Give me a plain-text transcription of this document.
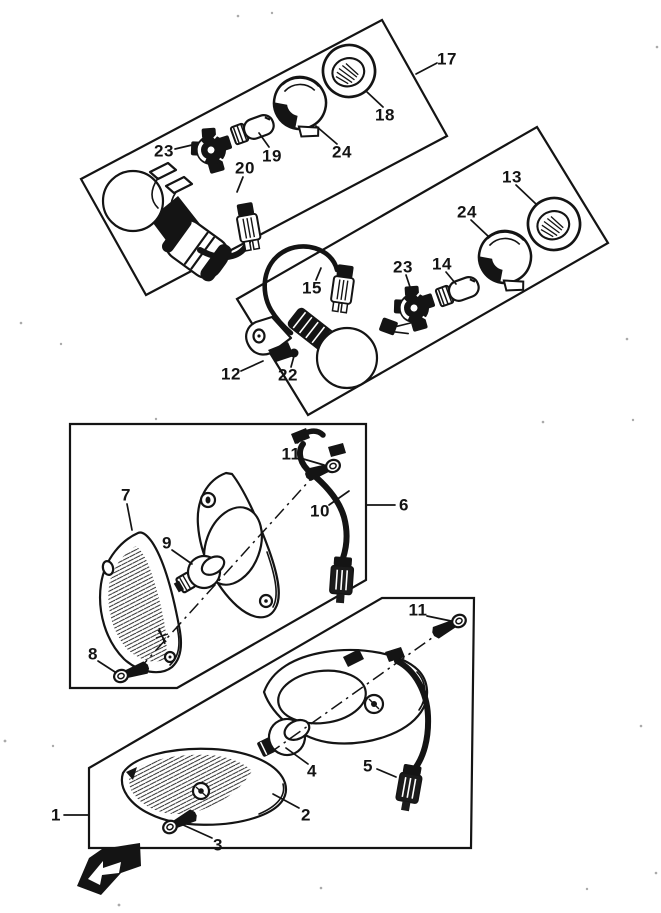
17
18
23	19	24
20	13
24
14
23
15
12 22
11
7
6
10
9
11
8
5
4
2
1
3
